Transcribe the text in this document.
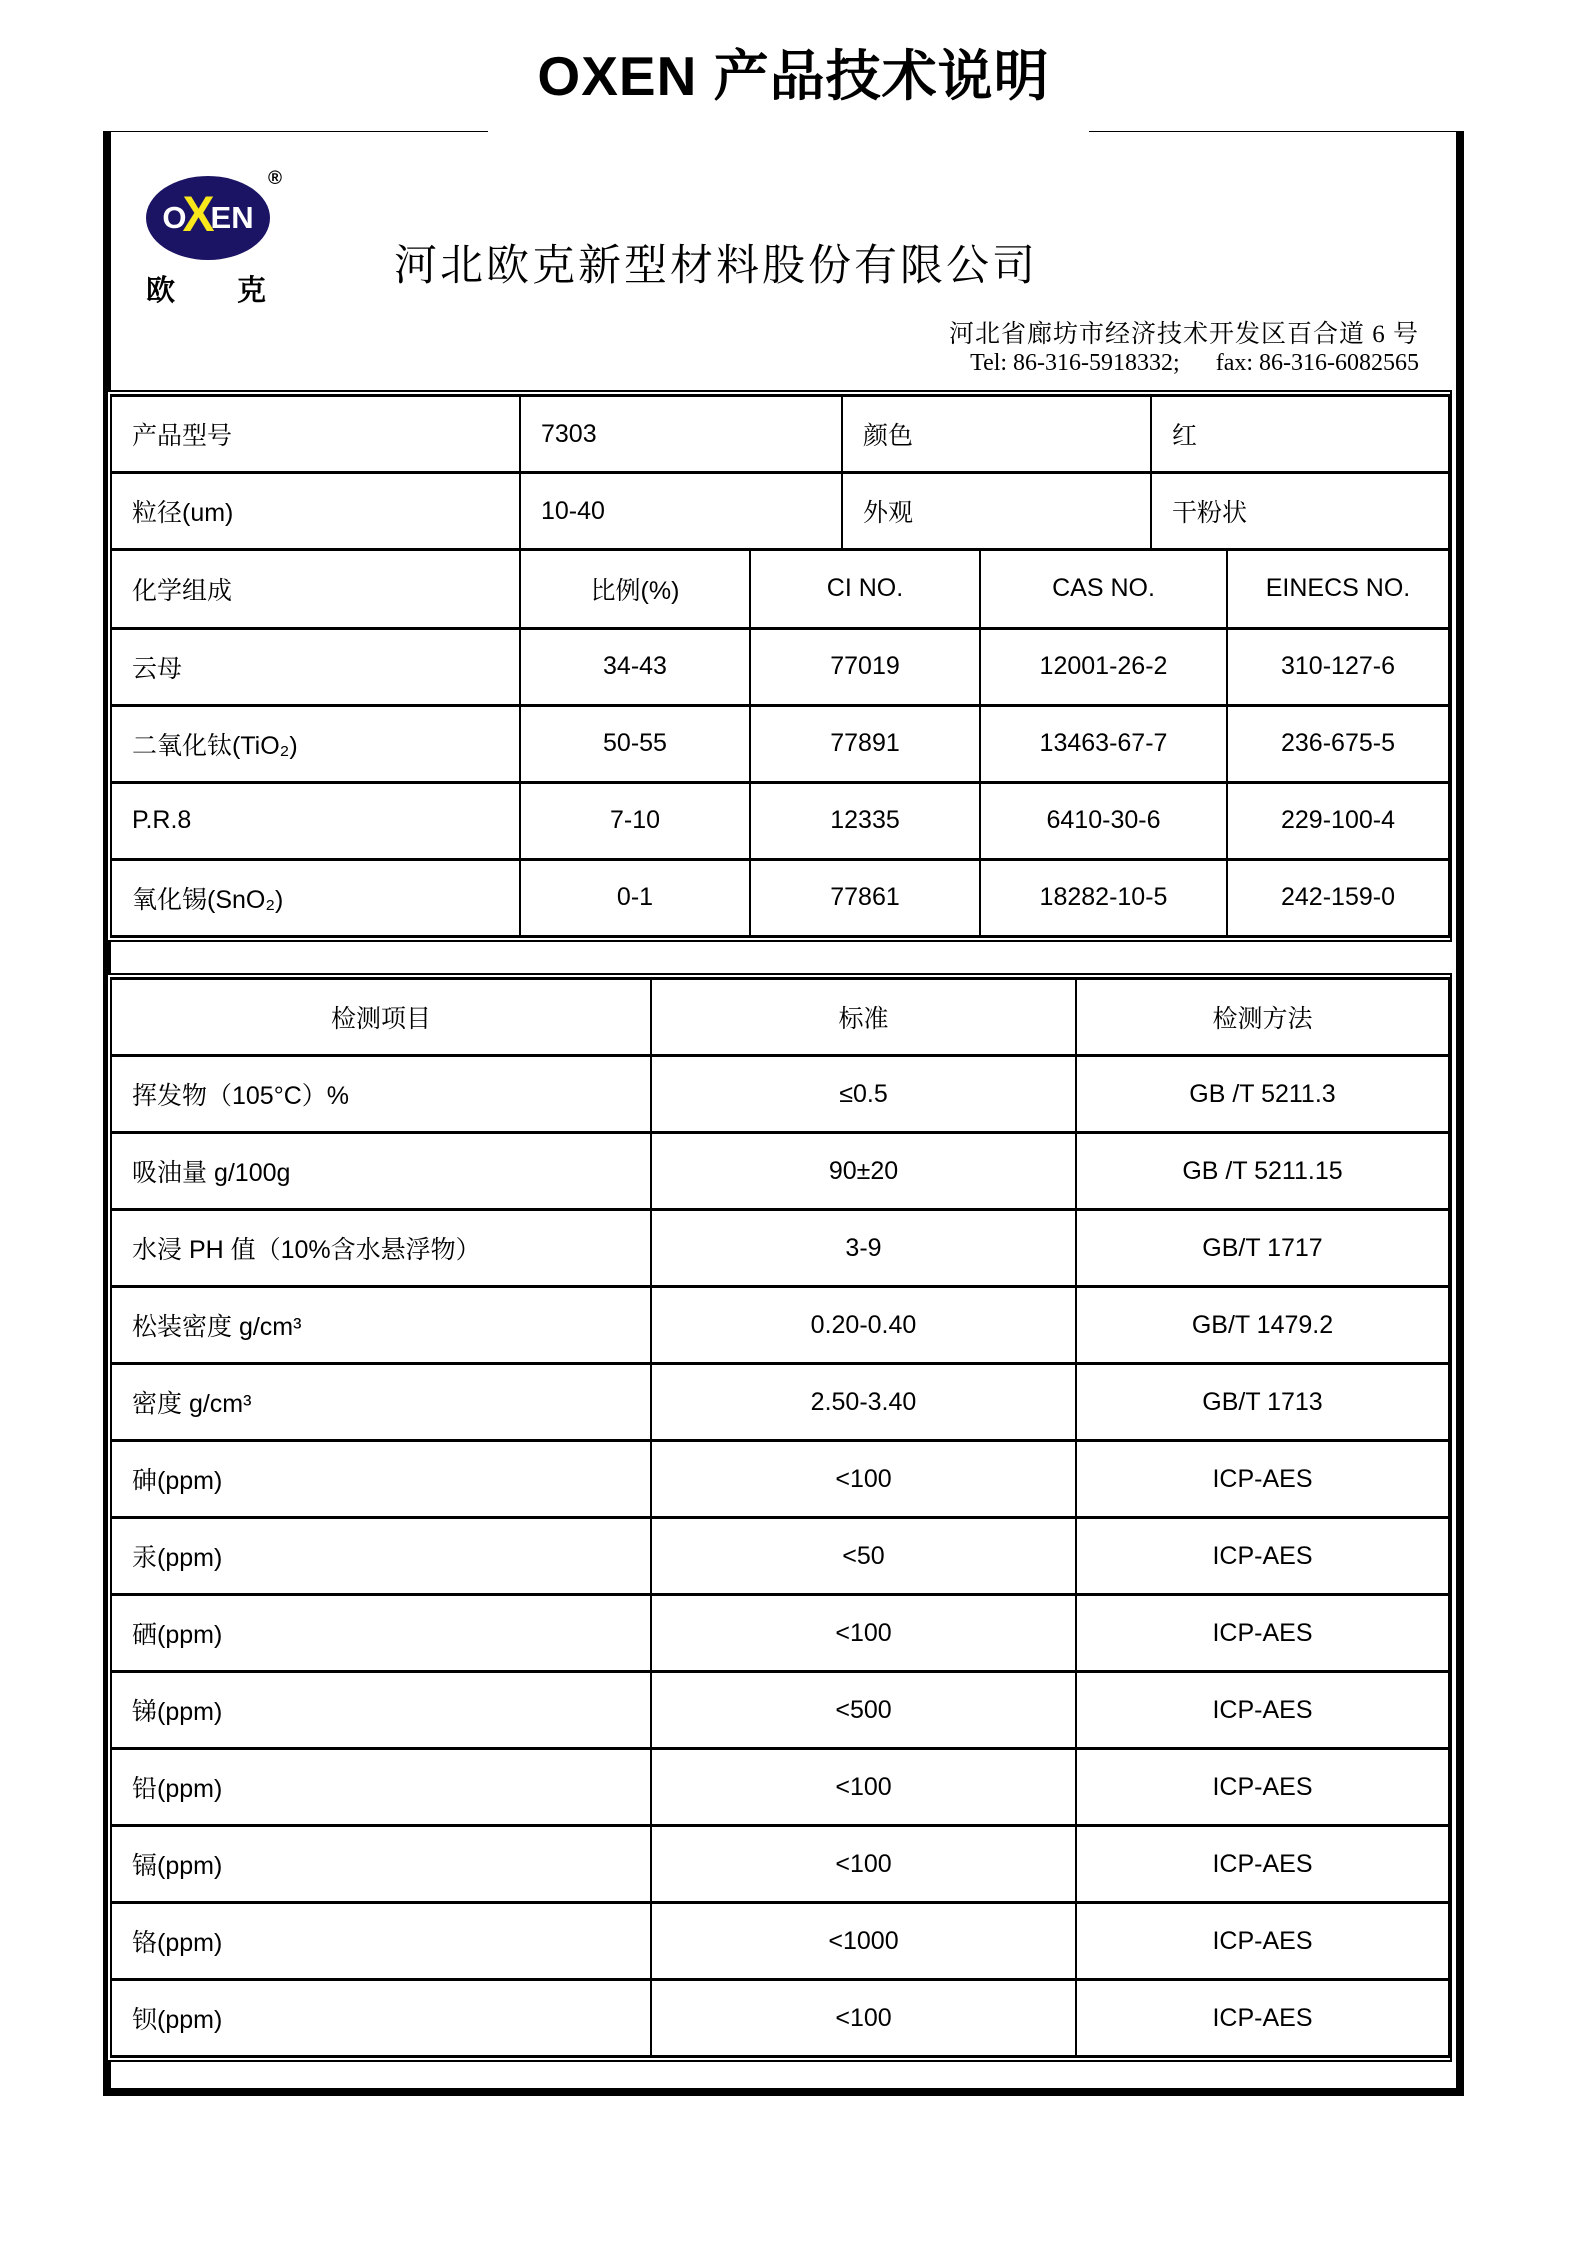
OXEN 产品技术说明
O
X
EN
®
欧 克
河北欧克新型材料股份有限公司
河北省廊坊市经济技术开发区百合道 6 号
Tel: 86-316-5918332;      fax: 86-316-6082565
产品型号	7303	颜色	红
粒径(um)	10-40	外观	干粉状
化学组成	比例(%)	CI NO.	CAS NO.	EINECS NO.
云母	34-43	77019	12001-26-2	310-127-6
二氧化钛(TiO₂)	50-55	77891	13463-67-7	236-675-5
P.R.8	7-10	12335	6410-30-6	229-100-4
氧化锡(SnO₂)	0-1	77861	18282-10-5	242-159-0
检测项目	标准	检测方法
挥发物（105°C）%	≤0.5	GB /T 5211.3
吸油量 g/100g	90±20	GB /T 5211.15
水浸 PH 值（10%含水悬浮物）	3-9	GB/T 1717
松装密度 g/cm³	0.20-0.40	GB/T 1479.2
密度 g/cm³	2.50-3.40	GB/T 1713
砷(ppm)	<100	ICP-AES
汞(ppm)	<50	ICP-AES
硒(ppm)	<100	ICP-AES
锑(ppm)	<500	ICP-AES
铅(ppm)	<100	ICP-AES
镉(ppm)	<100	ICP-AES
铬(ppm)	<1000	ICP-AES
钡(ppm)	<100	ICP-AES
